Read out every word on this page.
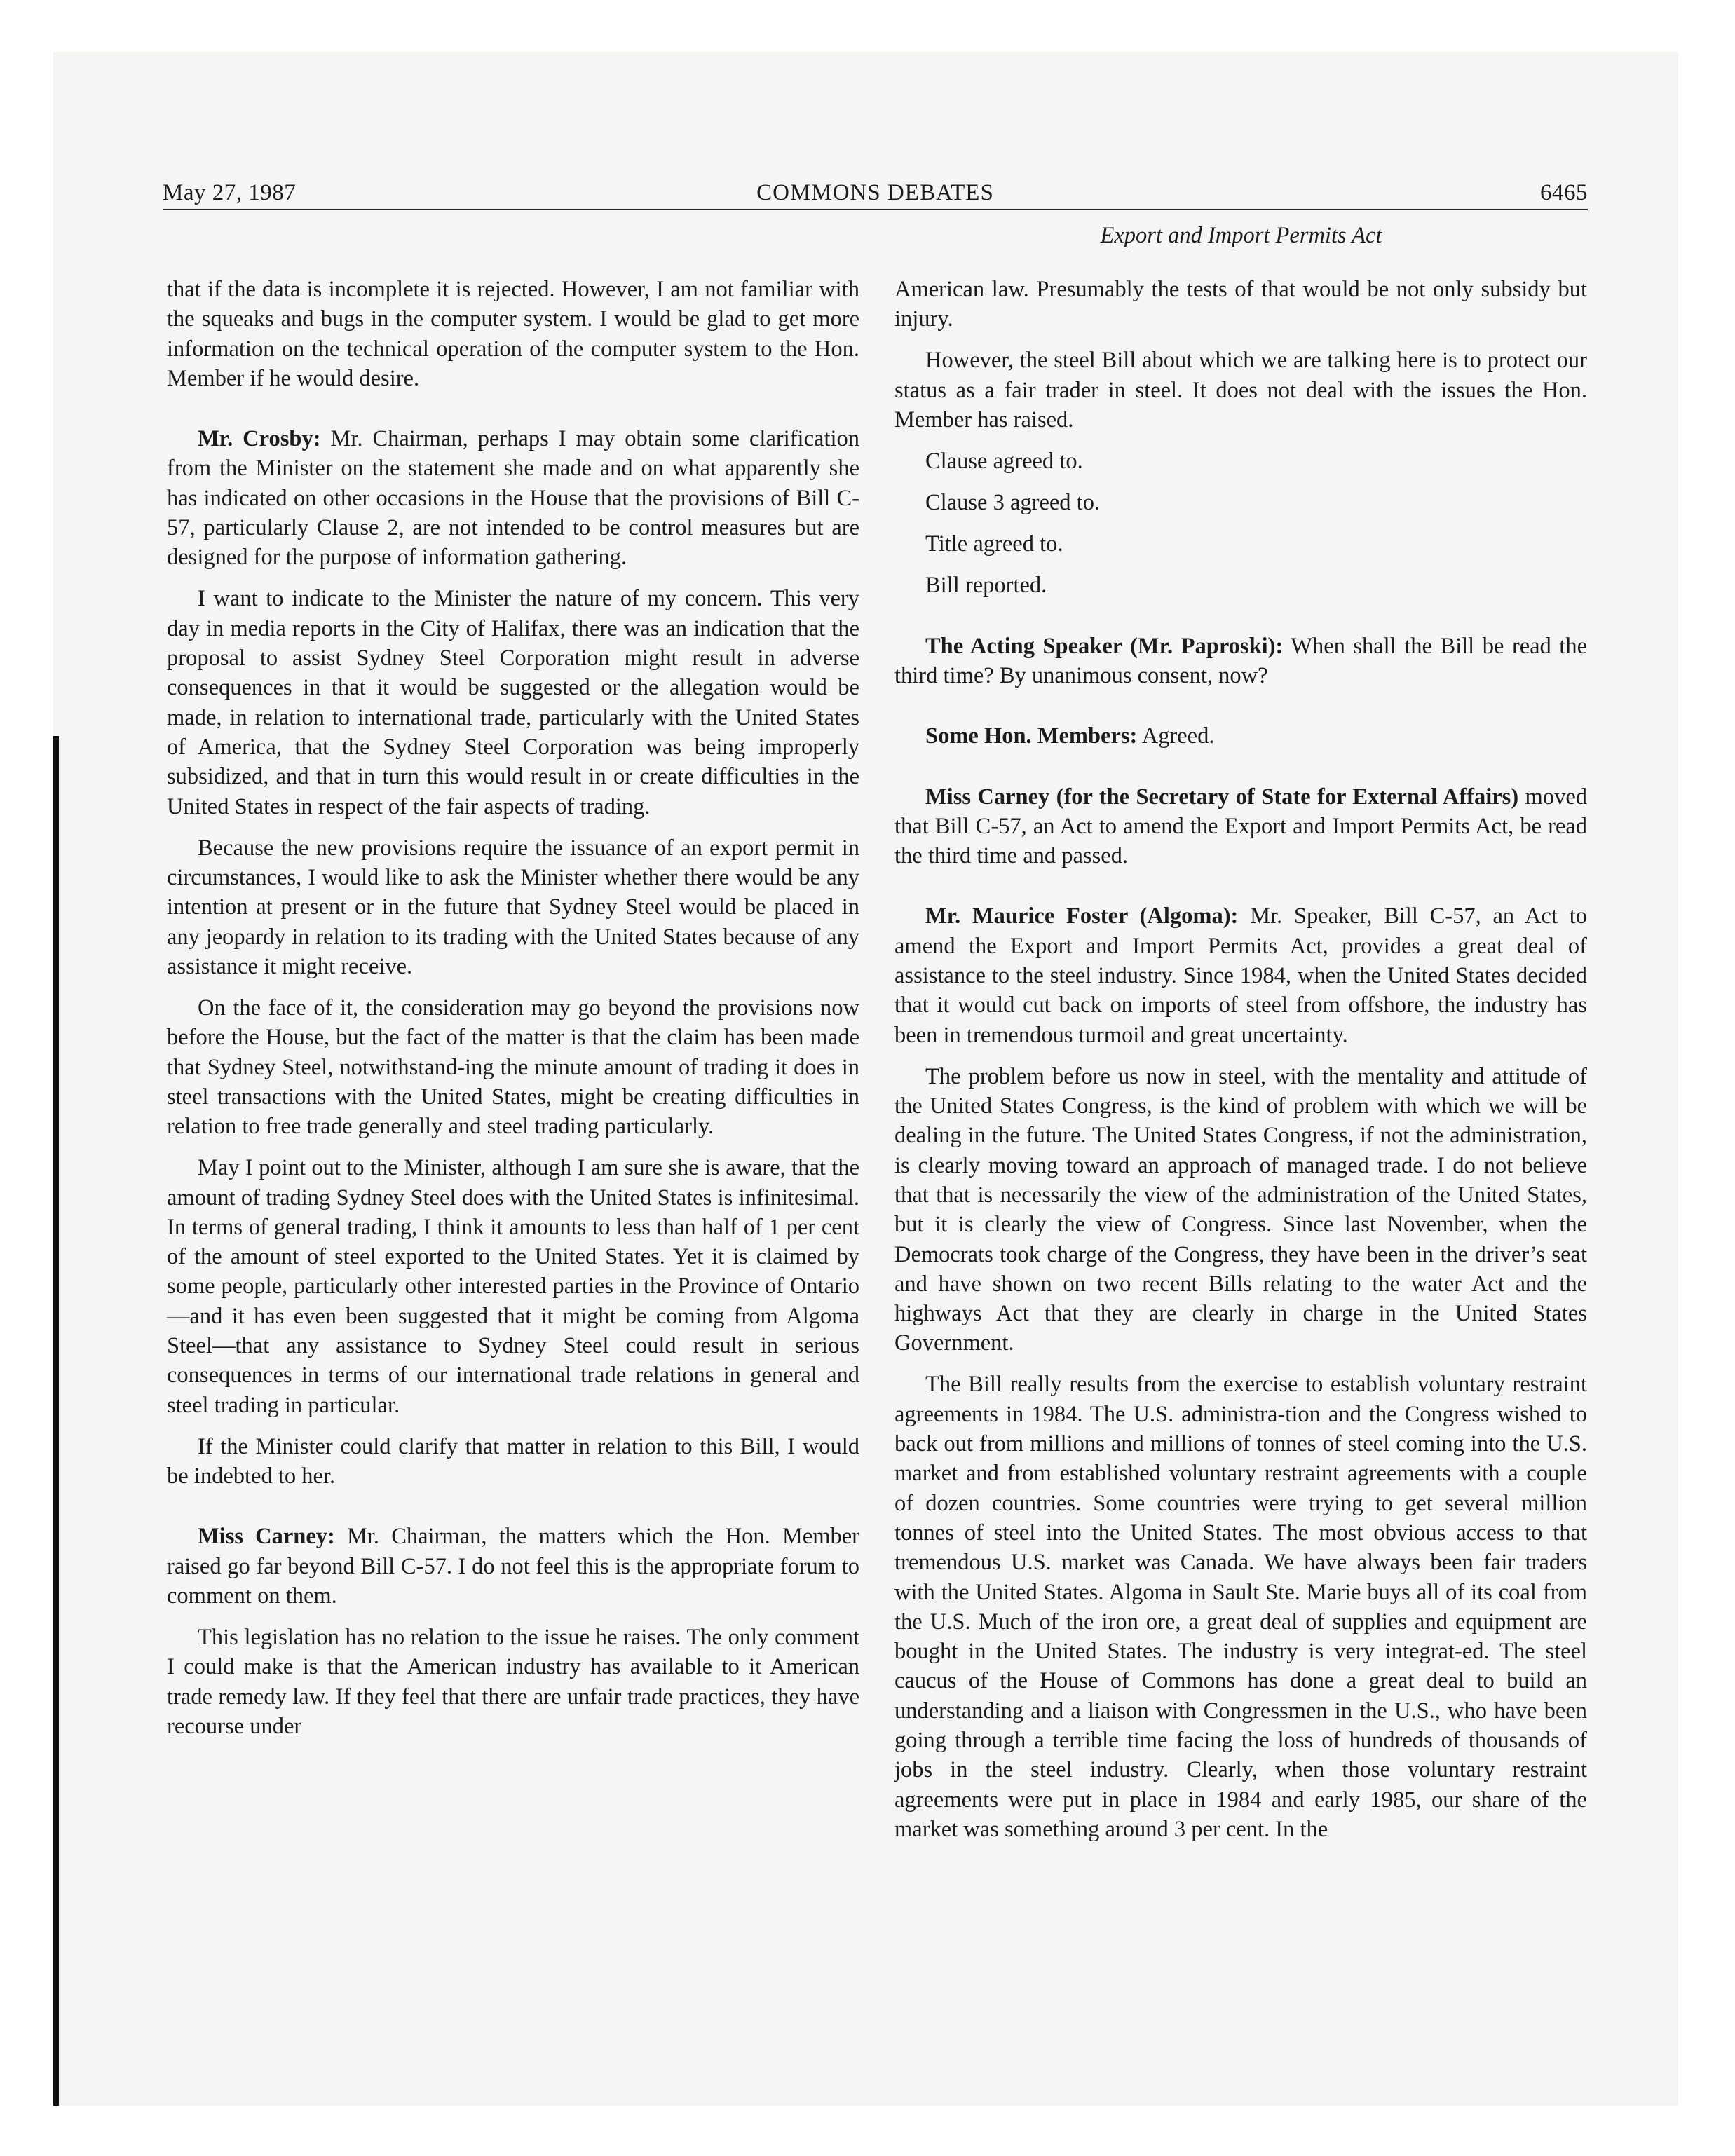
May 27, 1987	COMMONS DEBATES	6465
Export and Import Permits Act

that if the data is incomplete it is rejected. However, I am not familiar with the squeaks and bugs in the computer system. I would be glad to get more information on the technical operation of the computer system to the Hon. Member if he would desire.

Mr. Crosby: Mr. Chairman, perhaps I may obtain some clarification from the Minister on the statement she made and on what apparently she has indicated on other occasions in the House that the provisions of Bill C-57, particularly Clause 2, are not intended to be control measures but are designed for the purpose of information gathering.

I want to indicate to the Minister the nature of my concern. This very day in media reports in the City of Halifax, there was an indication that the proposal to assist Sydney Steel Corporation might result in adverse consequences in that it would be suggested or the allegation would be made, in relation to international trade, particularly with the United States of America, that the Sydney Steel Corporation was being improperly subsidized, and that in turn this would result in or create difficulties in the United States in respect of the fair aspects of trading.

Because the new provisions require the issuance of an export permit in circumstances, I would like to ask the Minister whether there would be any intention at present or in the future that Sydney Steel would be placed in any jeopardy in relation to its trading with the United States because of any assistance it might receive.

On the face of it, the consideration may go beyond the provisions now before the House, but the fact of the matter is that the claim has been made that Sydney Steel, notwithstand-ing the minute amount of trading it does in steel transactions with the United States, might be creating difficulties in relation to free trade generally and steel trading particularly.

May I point out to the Minister, although I am sure she is aware, that the amount of trading Sydney Steel does with the United States is infinitesimal. In terms of general trading, I think it amounts to less than half of 1 per cent of the amount of steel exported to the United States. Yet it is claimed by some people, particularly other interested parties in the Province of Ontario—and it has even been suggested that it might be coming from Algoma Steel—that any assistance to Sydney Steel could result in serious consequences in terms of our international trade relations in general and steel trading in particular.

If the Minister could clarify that matter in relation to this Bill, I would be indebted to her.

Miss Carney: Mr. Chairman, the matters which the Hon. Member raised go far beyond Bill C-57. I do not feel this is the appropriate forum to comment on them.

This legislation has no relation to the issue he raises. The only comment I could make is that the American industry has available to it American trade remedy law. If they feel that there are unfair trade practices, they have recourse under

American law. Presumably the tests of that would be not only subsidy but injury.

However, the steel Bill about which we are talking here is to protect our status as a fair trader in steel. It does not deal with the issues the Hon. Member has raised.

Clause agreed to.

Clause 3 agreed to.

Title agreed to.

Bill reported.

The Acting Speaker (Mr. Paproski): When shall the Bill be read the third time? By unanimous consent, now?

Some Hon. Members: Agreed.

Miss Carney (for the Secretary of State for External Affairs) moved that Bill C-57, an Act to amend the Export and Import Permits Act, be read the third time and passed.

Mr. Maurice Foster (Algoma): Mr. Speaker, Bill C-57, an Act to amend the Export and Import Permits Act, provides a great deal of assistance to the steel industry. Since 1984, when the United States decided that it would cut back on imports of steel from offshore, the industry has been in tremendous turmoil and great uncertainty.

The problem before us now in steel, with the mentality and attitude of the United States Congress, is the kind of problem with which we will be dealing in the future. The United States Congress, if not the administration, is clearly moving toward an approach of managed trade. I do not believe that that is necessarily the view of the administration of the United States, but it is clearly the view of Congress. Since last November, when the Democrats took charge of the Congress, they have been in the driver’s seat and have shown on two recent Bills relating to the water Act and the highways Act that they are clearly in charge in the United States Government.

The Bill really results from the exercise to establish voluntary restraint agreements in 1984. The U.S. administra-tion and the Congress wished to back out from millions and millions of tonnes of steel coming into the U.S. market and from established voluntary restraint agreements with a couple of dozen countries. Some countries were trying to get several million tonnes of steel into the United States. The most obvious access to that tremendous U.S. market was Canada. We have always been fair traders with the United States. Algoma in Sault Ste. Marie buys all of its coal from the U.S. Much of the iron ore, a great deal of supplies and equipment are bought in the United States. The industry is very integrat-ed. The steel caucus of the House of Commons has done a great deal to build an understanding and a liaison with Congressmen in the U.S., who have been going through a terrible time facing the loss of hundreds of thousands of jobs in the steel industry. Clearly, when those voluntary restraint agreements were put in place in 1984 and early 1985, our share of the market was something around 3 per cent. In the
